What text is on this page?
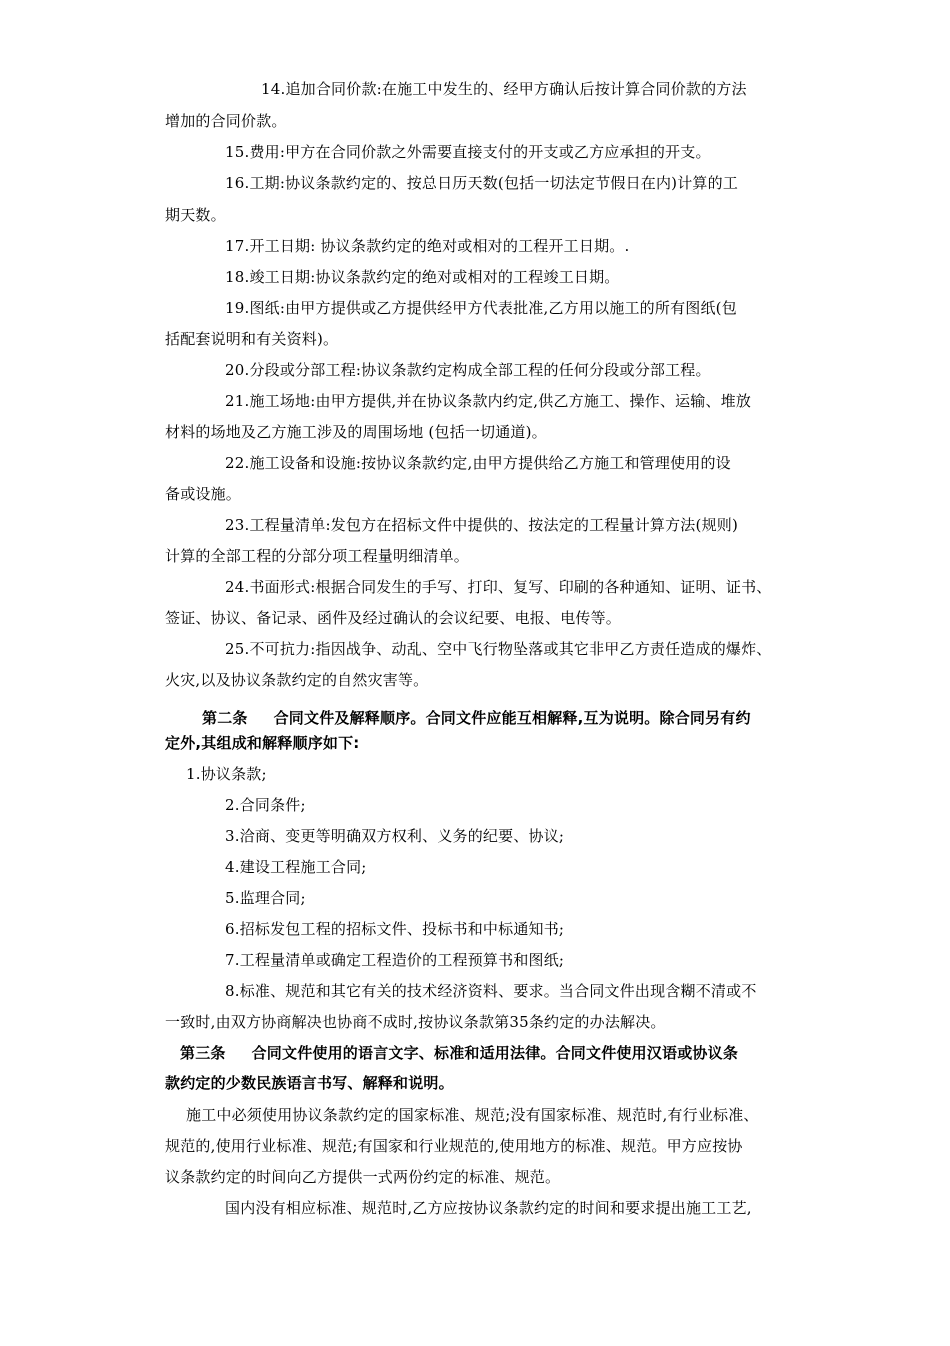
14.追加合同价款:在施工中发生的、经甲方确认后按计算合同价款的方法
增加的合同价款。
15.费用:甲方在合同价款之外需要直接支付的开支或乙方应承担的开支。
16.工期:协议条款约定的、按总日历天数(包括一切法定节假日在内)计算的工
期天数。
17.开工日期: 协议条款约定的绝对或相对的工程开工日期。.
18.竣工日期:协议条款约定的绝对或相对的工程竣工日期。
19.图纸:由甲方提供或乙方提供经甲方代表批准,乙方用以施工的所有图纸(包
括配套说明和有关资料)。
20.分段或分部工程:协议条款约定构成全部工程的任何分段或分部工程。
21.施工场地:由甲方提供,并在协议条款内约定,供乙方施工、操作、运输、堆放
材料的场地及乙方施工涉及的周围场地 (包括一切通道)。
22.施工设备和设施:按协议条款约定,由甲方提供给乙方施工和管理使用的设
备或设施。
23.工程量清单:发包方在招标文件中提供的、按法定的工程量计算方法(规则)
计算的全部工程的分部分项工程量明细清单。
24.书面形式:根据合同发生的手写、打印、复写、印刷的各种通知、证明、证书、
签证、协议、备记录、函件及经过确认的会议纪要、电报、电传等。
25.不可抗力:指因战争、动乱、空中飞行物坠落或其它非甲乙方责任造成的爆炸、
火灾,以及协议条款约定的自然灾害等。
第二条 合同文件及解释顺序。合同文件应能互相解释,互为说明。除合同另有约
定外,其组成和解释顺序如下:
1.协议条款;
2.合同条件;
3.洽商、变更等明确双方权利、义务的纪要、协议;
4.建设工程施工合同;
5.监理合同;
6.招标发包工程的招标文件、投标书和中标通知书;
7.工程量清单或确定工程造价的工程预算书和图纸;
8.标准、规范和其它有关的技术经济资料、要求。当合同文件出现含糊不清或不
一致时,由双方协商解决也协商不成时,按协议条款第35条约定的办法解决。
第三条 合同文件使用的语言文字、标准和适用法律。合同文件使用汉语或协议条
款约定的少数民族语言书写、解释和说明。
施工中必须使用协议条款约定的国家标准、规范;没有国家标准、规范时,有行业标准、
规范的,使用行业标准、规范;有国家和行业规范的,使用地方的标准、规范。甲方应按协
议条款约定的时间向乙方提供一式两份约定的标准、规范。
国内没有相应标准、规范时,乙方应按协议条款约定的时间和要求提出施工工艺,
